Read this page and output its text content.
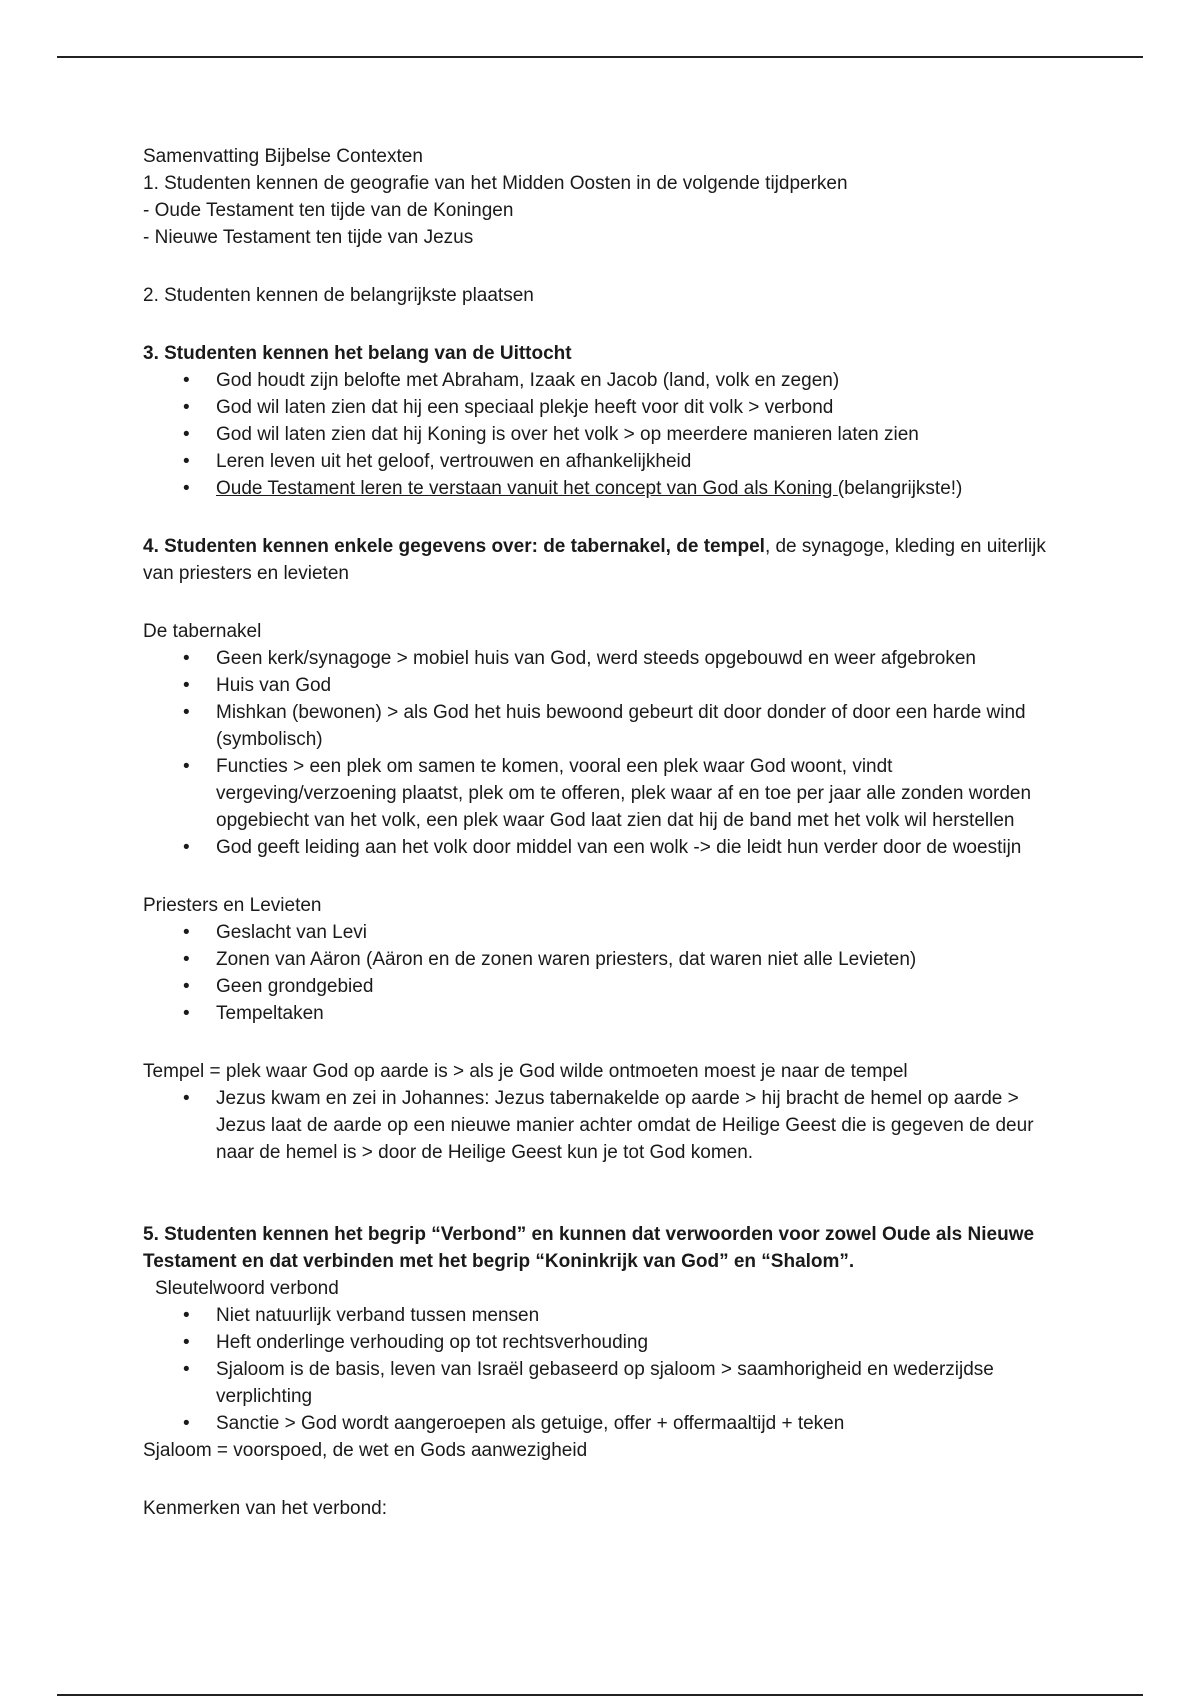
Samenvatting Bijbelse Contexten

1. Studenten kennen de geografie van het Midden Oosten in de volgende tijdperken

- Oude Testament ten tijde van de Koningen

- Nieuwe Testament ten tijde van Jezus

2. Studenten kennen de belangrijkste plaatsen

3. Studenten kennen het belang van de Uittocht

• God houdt zijn belofte met Abraham, Izaak en Jacob (land, volk en zegen)
• God wil laten zien dat hij een speciaal plekje heeft voor dit volk > verbond
• God wil laten zien dat hij Koning is over het volk > op meerdere manieren laten zien
• Leren leven uit het geloof, vertrouwen en afhankelijkheid
• Oude Testament leren te verstaan vanuit het concept van God als Koning (belangrijkste!)

4. Studenten kennen enkele gegevens over: de tabernakel, de tempel, de synagoge, kleding en uiterlijk van priesters en levieten

De tabernakel

• Geen kerk/synagoge > mobiel huis van God, werd steeds opgebouwd en weer afgebroken
• Huis van God
• Mishkan (bewonen) > als God het huis bewoond gebeurt dit door donder of door een harde wind (symbolisch)
• Functies > een plek om samen te komen, vooral een plek waar God woont, vindt vergeving/verzoening plaatst, plek om te offeren, plek waar af en toe per jaar alle zonden worden opgebiecht van het volk, een plek waar God laat zien dat hij de band met het volk wil herstellen
• God geeft leiding aan het volk door middel van een wolk -> die leidt hun verder door de woestijn

Priesters en Levieten

• Geslacht van Levi
• Zonen van Aäron (Aäron en de zonen waren priesters, dat waren niet alle Levieten)
• Geen grondgebied
• Tempeltaken

Tempel = plek waar God op aarde is > als je God wilde ontmoeten moest je naar de tempel

• Jezus kwam en zei in Johannes: Jezus tabernakelde op aarde > hij bracht de hemel op aarde > Jezus laat de aarde op een nieuwe manier achter omdat de Heilige Geest die is gegeven de deur naar de hemel is > door de Heilige Geest kun je tot God komen.

5. Studenten kennen het begrip “Verbond” en kunnen dat verwoorden voor zowel Oude als Nieuwe Testament en dat verbinden met het begrip “Koninkrijk van God” en “Shalom”.

Sleutelwoord verbond

• Niet natuurlijk verband tussen mensen
• Heft onderlinge verhouding op tot rechtsverhouding
• Sjaloom is de basis, leven van Israël gebaseerd op sjaloom > saamhorigheid en wederzijdse verplichting
• Sanctie > God wordt aangeroepen als getuige, offer + offermaaltijd + teken

Sjaloom = voorspoed, de wet en Gods aanwezigheid

Kenmerken van het verbond:
